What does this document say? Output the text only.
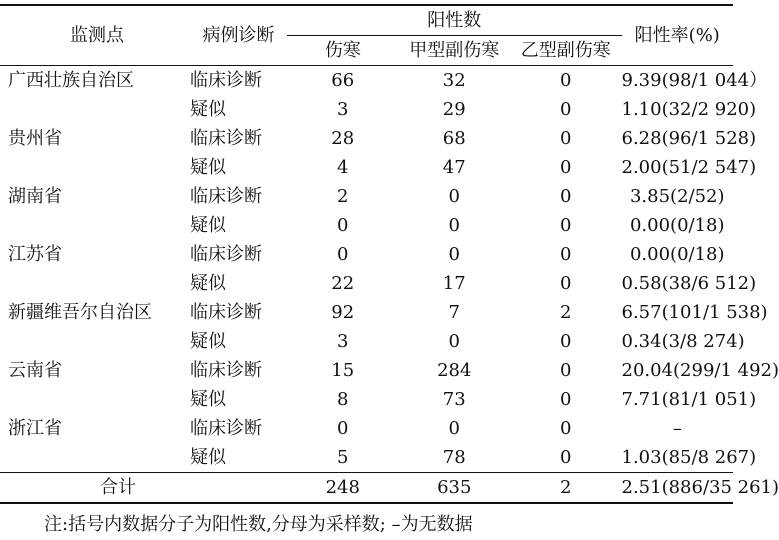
监测点	病例诊断	阳性数			阳性率(%)
		伤寒	甲型副伤寒	乙型副伤寒	
广西壮族自治区	临床诊断	66	32	0	9.39(98/1 044）
	疑似	3	29	0	1.10(32/2 920)
贵州省	临床诊断	28	68	0	6.28(96/1 528)
	疑似	4	47	0	2.00(51/2 547)
湖南省	临床诊断	2	0	0	3.85(2/52)
	疑似	0	0	0	0.00(0/18)
江苏省	临床诊断	0	0	0	0.00(0/18)
	疑似	22	17	0	0.58(38/6 512)
新疆维吾尔自治区	临床诊断	92	7	2	6.57(101/1 538)
	疑似	3	0	0	0.34(3/8 274)
云南省	临床诊断	15	284	0	20.04(299/1 492)
	疑似	8	73	0	7.71(81/1 051)
浙江省	临床诊断	0	0	0	–
	疑似	5	78	0	1.03(85/8 267)
合计		248	635	2	2.51(886/35 261)
注:括号内数据分子为阳性数,分母为采样数; –为无数据
